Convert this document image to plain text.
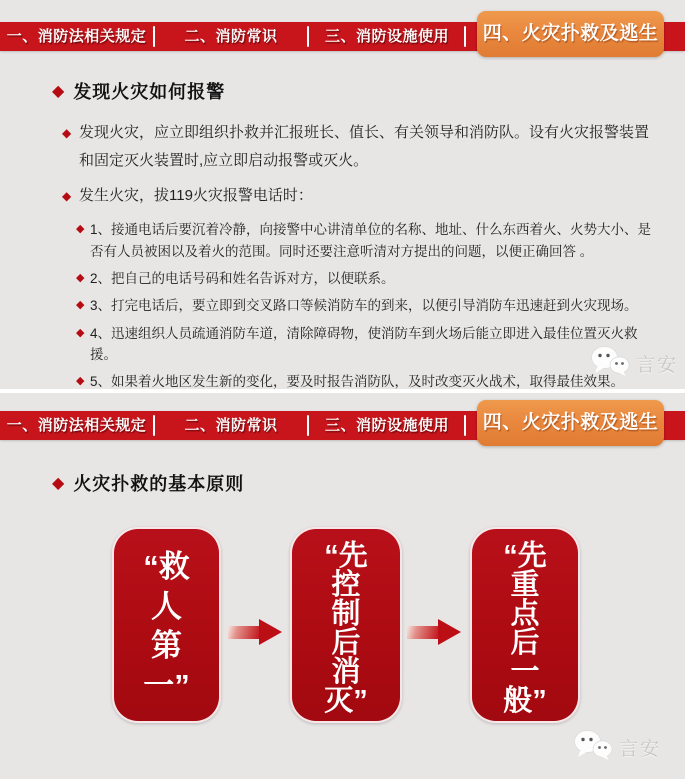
一、消防法相关规定	二、消防常识	三、消防设施使用	四、火灾扑救及逃生
◆ 发现火灾如何报警
◆ 发现火灾，应立即组织扑救并汇报班长、值长、有关领导和消防队。设有火灾报警装置和固定灭火装置时,应立即启动报警或灭火。
◆ 发生火灾，拔119火灾报警电话时：
◆ 1、接通电话后要沉着冷静，向接警中心讲清单位的名称、地址、什么东西着火、火势大小、是否有人员被困以及着火的范围。同时还要注意听清对方提出的问题，以便正确回答 。
◆ 2、把自己的电话号码和姓名告诉对方，以便联系。
◆ 3、打完电话后，要立即到交叉路口等候消防车的到来，以便引导消防车迅速赶到火灾现场。
◆ 4、迅速组织人员疏通消防车道，清除障碍物，使消防车到火场后能立即进入最佳位置灭火救援。
◆ 5、如果着火地区发生新的变化，要及时报告消防队，及时改变灭火战术，取得最佳效果。
言安
一、消防法相关规定	二、消防常识	三、消防设施使用	四、火灾扑救及逃生
◆ 火灾扑救的基本原则
“救
人
第
一”
“先
控
制
后
消
灭”
“先
重
点
后
一
般”
言安
